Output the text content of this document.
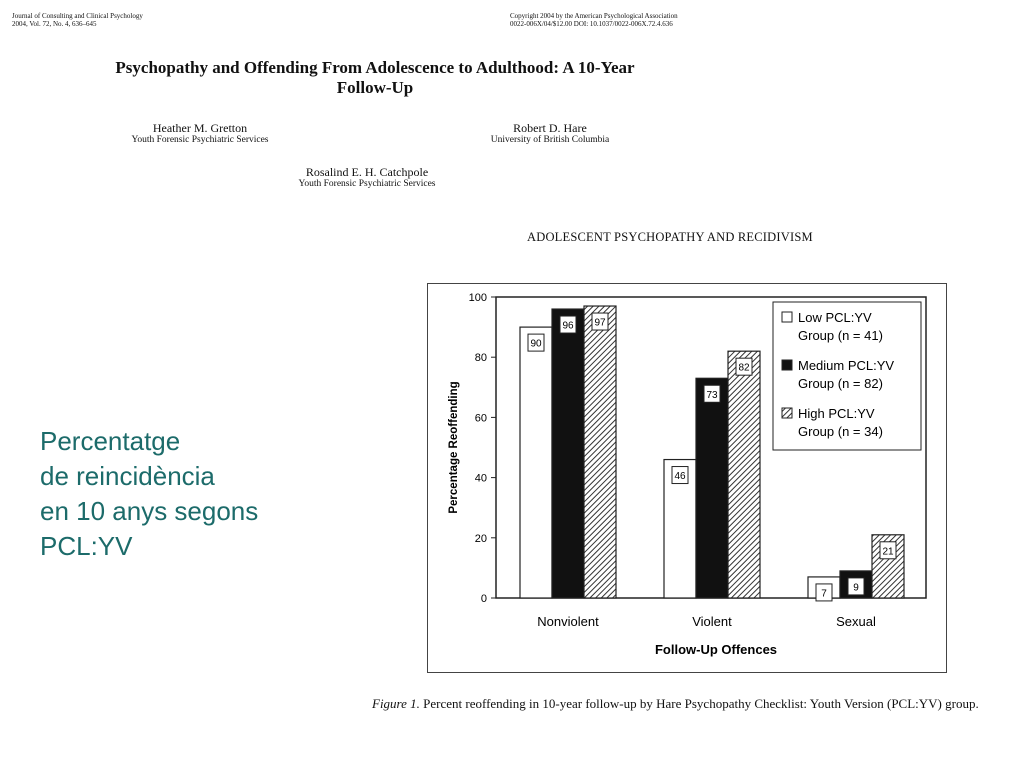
Journal of Consulting and Clinical Psychology
2004, Vol. 72, No. 4, 636–645
Copyright 2004 by the American Psychological Association
0022-006X/04/$12.00 DOI: 10.1037/0022-006X.72.4.636
Psychopathy and Offending From Adolescence to Adulthood: A 10-Year
Follow-Up
Heather M. Gretton
Youth Forensic Psychiatric Services
Robert D. Hare
University of British Columbia
Rosalind E. H. Catchpole
Youth Forensic Psychiatric Services
ADOLESCENT PSYCHOPATHY AND RECIDIVISM
Percentatge
de reincidència
en 10 anys segons
PCL:YV
0
20
40
60
80
100
Percentage Reoffending
90
96 97
Nonviolent
46
73
82
Violent
7
9
21
Sexual
Follow-Up Offences
Low PCL:YV
Group (n = 41)
Medium PCL:YV
Group (n = 82)
High PCL:YV
Group (n = 34)
Figure 1. Percent reoffending in 10-year follow-up by Hare Psychopathy Checklist: Youth Version (PCL:YV) group.
